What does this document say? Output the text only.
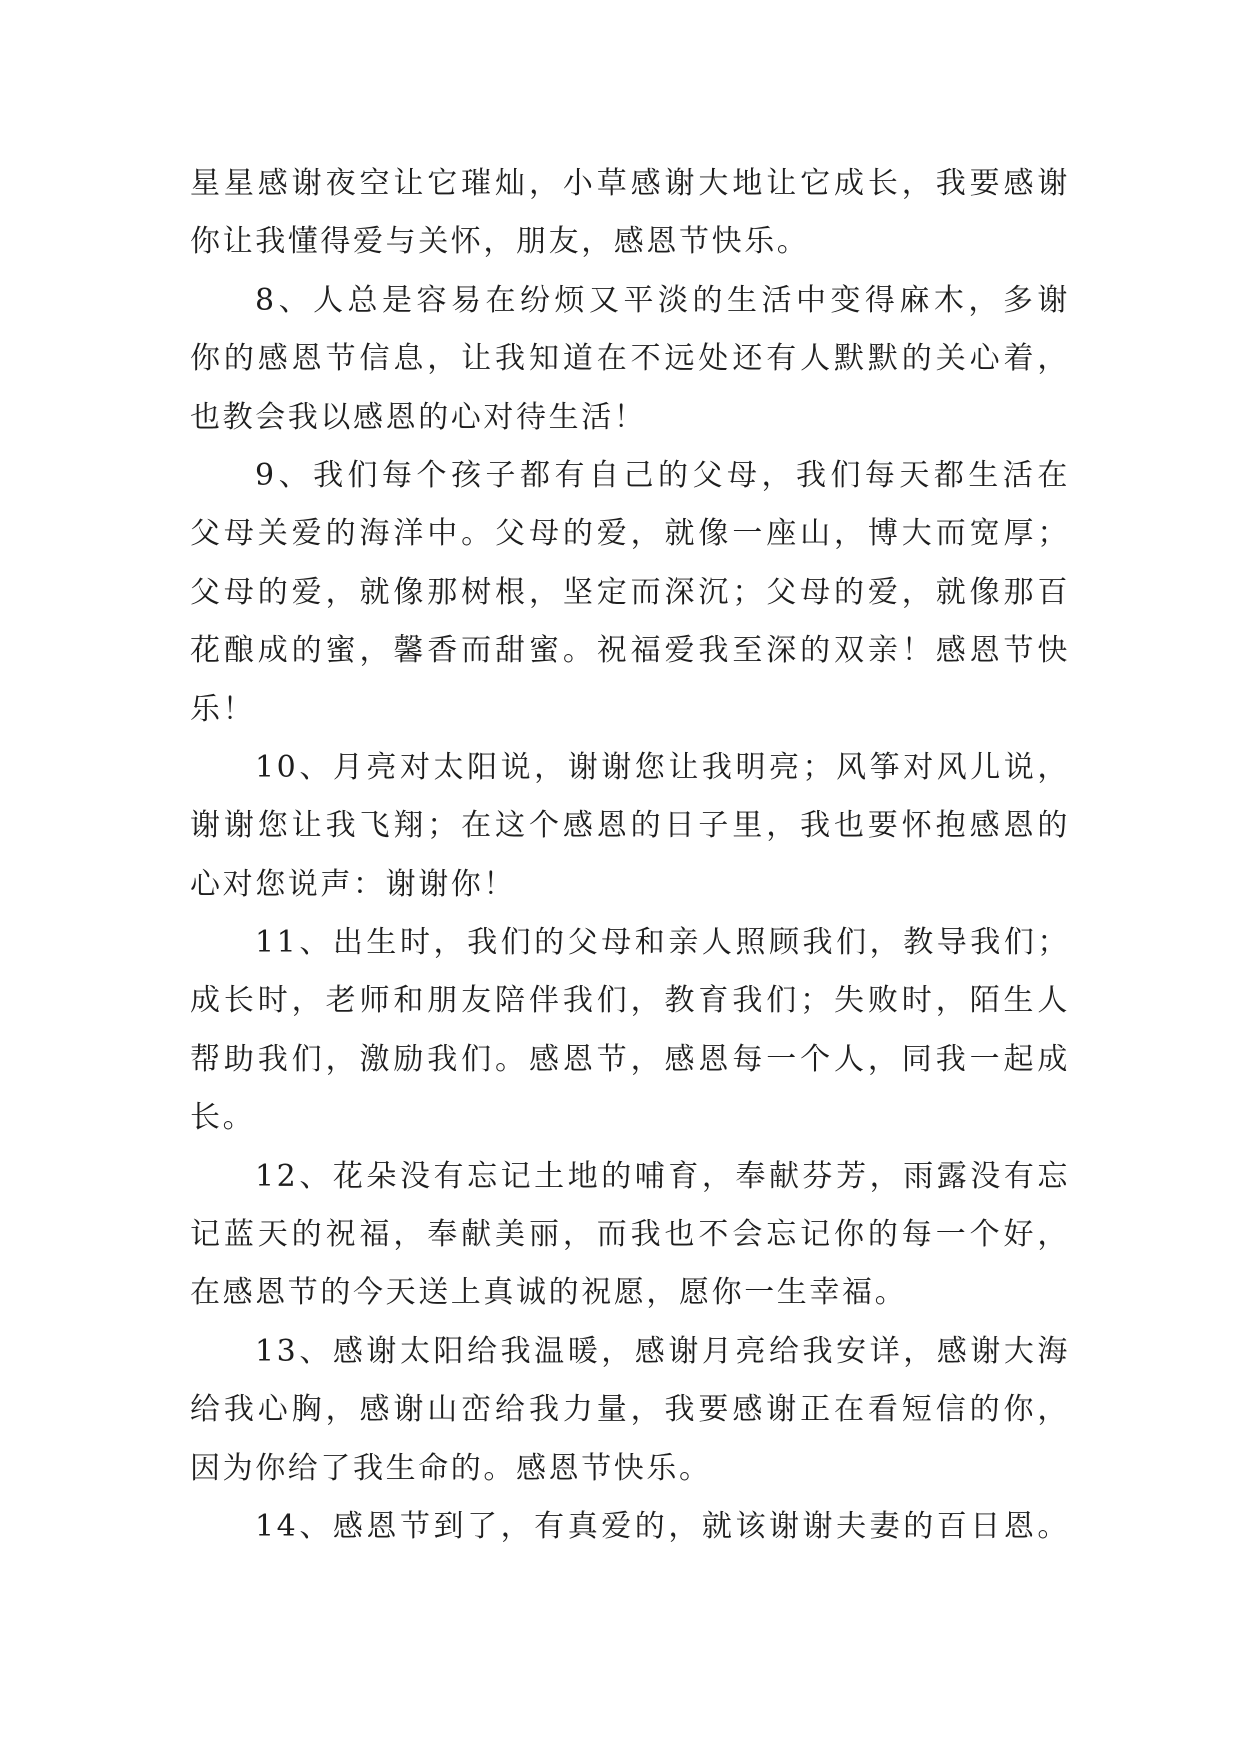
星星感谢夜空让它璀灿，小草感谢大地让它成长，我要感谢
你让我懂得爱与关怀，朋友，感恩节快乐。
8、人总是容易在纷烦又平淡的生活中变得麻木，多谢
你的感恩节信息，让我知道在不远处还有人默默的关心着，
也教会我以感恩的心对待生活！
9、我们每个孩子都有自己的父母，我们每天都生活在
父母关爱的海洋中。父母的爱，就像一座山，博大而宽厚；
父母的爱，就像那树根，坚定而深沉；父母的爱，就像那百
花酿成的蜜，馨香而甜蜜。祝福爱我至深的双亲！感恩节快
乐！
10、月亮对太阳说，谢谢您让我明亮；风筝对风儿说，
谢谢您让我飞翔；在这个感恩的日子里，我也要怀抱感恩的
心对您说声：谢谢你！
11、出生时，我们的父母和亲人照顾我们，教导我们；
成长时，老师和朋友陪伴我们，教育我们；失败时，陌生人
帮助我们，激励我们。感恩节，感恩每一个人，同我一起成
长。
12、花朵没有忘记土地的哺育，奉献芬芳，雨露没有忘
记蓝天的祝福，奉献美丽，而我也不会忘记你的每一个好，
在感恩节的今天送上真诚的祝愿，愿你一生幸福。
13、感谢太阳给我温暖，感谢月亮给我安详，感谢大海
给我心胸，感谢山峦给我力量，我要感谢正在看短信的你，
因为你给了我生命的。感恩节快乐。
14、感恩节到了，有真爱的，就该谢谢夫妻的百日恩。
